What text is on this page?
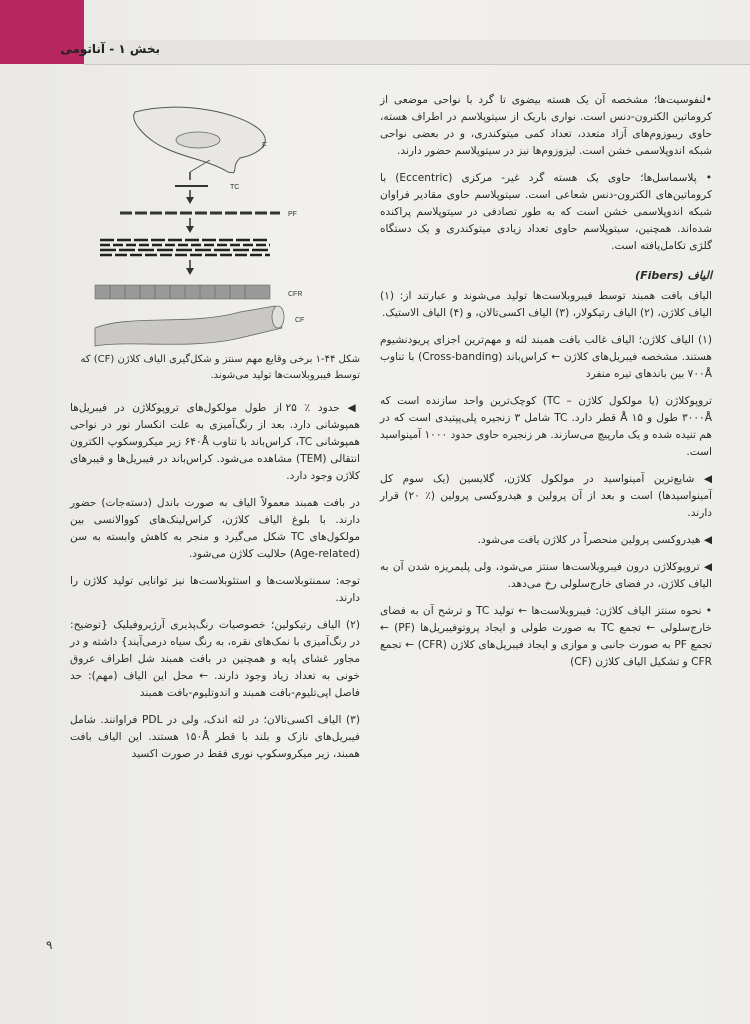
بخش ۱ - آناتومی
F
TC
PF
CFR
CF
شکل ۴۴-۱ برخی وقایع مهم سنتز و شکل‌گیری الیاف کلاژن (CF) که توسط فیبروبلاست‌ها تولید می‌شوند.

•لنفوسیت‌ها؛ مشخصه آن یک هسته بیضوی تا گرد با نواحی موضعی از کروماتین الکترون-دنس است. نواری باریک از سیتوپلاسم در اطراف هسته، حاوی ریبوزوم‌های آزاد متعدد، تعداد کمی میتوکندری، و در بعضی نواحی شبکه اندوپلاسمی خشن است. لیزوزوم‌ها نیز در سیتوپلاسم حضور دارند.

• پلاسماسل‌ها؛ حاوی یک هسته گرد غیر- مرکزی (Eccentric) با کروماتین‌های الکترون-دنس شعاعی است. سیتوپلاسم حاوی مقادیر فراوان شبکه اندوپلاسمی خشن است که به طور تصادفی در سیتوپلاسم پراکنده شده‌اند. همچنین، سیتوپلاسم حاوی تعداد زیادی میتوکندری و یک دستگاه گلژی تکامل‌یافته است.

الیاف (Fibers)

الیاف بافت همبند توسط فیبروبلاست‌ها تولید می‌شوند و عبارتند از: (۱) الیاف کلاژن، (۲) الیاف رتیکولار، (۳) الیاف اکسی‌تالان، و (۴) الیاف الاستیک.

(۱) الیاف کلاژن؛ الیاف غالب بافت همبند لثه و مهم‌ترین اجزای پریودنشیوم هستند. مشخصه فیبریل‌های کلاژن ← کراس‌باند (Cross-banding) با تناوب ۷۰۰Å بین باندهای تیره منفرد

تروپوکلاژن (یا مولکول کلاژن – TC) کوچک‌ترین واحد سازنده است که ۳۰۰۰Å طول و ۱۵ Å قطر دارد. TC شامل ۳ زنجیره پلی‌پپتیدی است که در هم تنیده شده و یک مارپیچ می‌سازند. هر زنجیره حاوی حدود ۱۰۰۰ آمینواسید است.

◀ شایع‌ترین آمینواسید در مولکول کلاژن، گلایسین (یک سوم کل آمینواسیدها) است و بعد از آن پرولین و هیدروکسی پرولین (٪ ۲۰) قرار دارند.

◀ هیدروکسی پرولین منحصراً در کلاژن یافت می‌شود.

◀ تروپوکلاژن درون فیبروبلاست‌ها سنتز می‌شود، ولی پلیمریزه شدن آن به الیاف کلاژن، در فضای خارج‌سلولی رخ می‌دهد.

• نحوه سنتز الیاف کلاژن: فیبروبلاست‌ها ← تولید TC و ترشح آن به فضای خارج‌سلولی ← تجمع TC به صورت طولی و ایجاد پروتوفیبریل‌ها (PF) ← تجمع PF به صورت جانبی و موازی و ایجاد فیبریل‌های کلاژن (CFR) ← تجمع CFR و تشکیل الیاف کلاژن (CF)

◀ حدود ٪ ۲۵ از طول مولکول‌های تروپوکلاژن در فیبریل‌ها همپوشانی دارد. بعد از رنگ‌آمیزی به علت انکسار نور در نواحی همپوشانی TC، کراس‌باند با تناوب ۶۴۰Å زیر میکروسکوپ الکترون انتقالی (TEM) مشاهده می‌شود. کراس‌باند در فیبریل‌ها و فیبرهای کلاژن وجود دارد.

در بافت همبند معمولاً الیاف به صورت باندل (دسته‌جات) حضور دارند. با بلوغ الیاف کلاژن، کراس‌لینک‌های کووالانسی بین مولکول‌های TC شکل می‌گیرد و منجر به کاهش وابسته به سن (Age-related) حلالیت کلاژن می‌شود.

توجه: سمنتوبلاست‌ها و استئوبلاست‌ها نیز توانایی تولید کلاژن را دارند.

(۲) الیاف رتیکولین؛ خصوصیات رنگ‌پذیری آرژیروفیلیک {توضیح: در رنگ‌آمیزی با نمک‌های نقره، به رنگ سیاه درمی‌آیند} داشته و در مجاور غشای پایه و همچنین در بافت همبند شل اطراف عروق خونی به تعداد زیاد وجود دارند. ← محل این الیاف (مهم): حد فاصل اپی‌تلیوم-بافت همبند و اندوتلیوم-بافت همبند

(۳) الیاف اکسی‌تالان؛ در لثه اندک، ولی در PDL فراوانند. شامل فیبریل‌های نازک و بلند با قطر ۱۵۰Å هستند. این الیاف بافت همبند، زیر میکروسکوپ نوری فقط در صورت اکسید

۹
